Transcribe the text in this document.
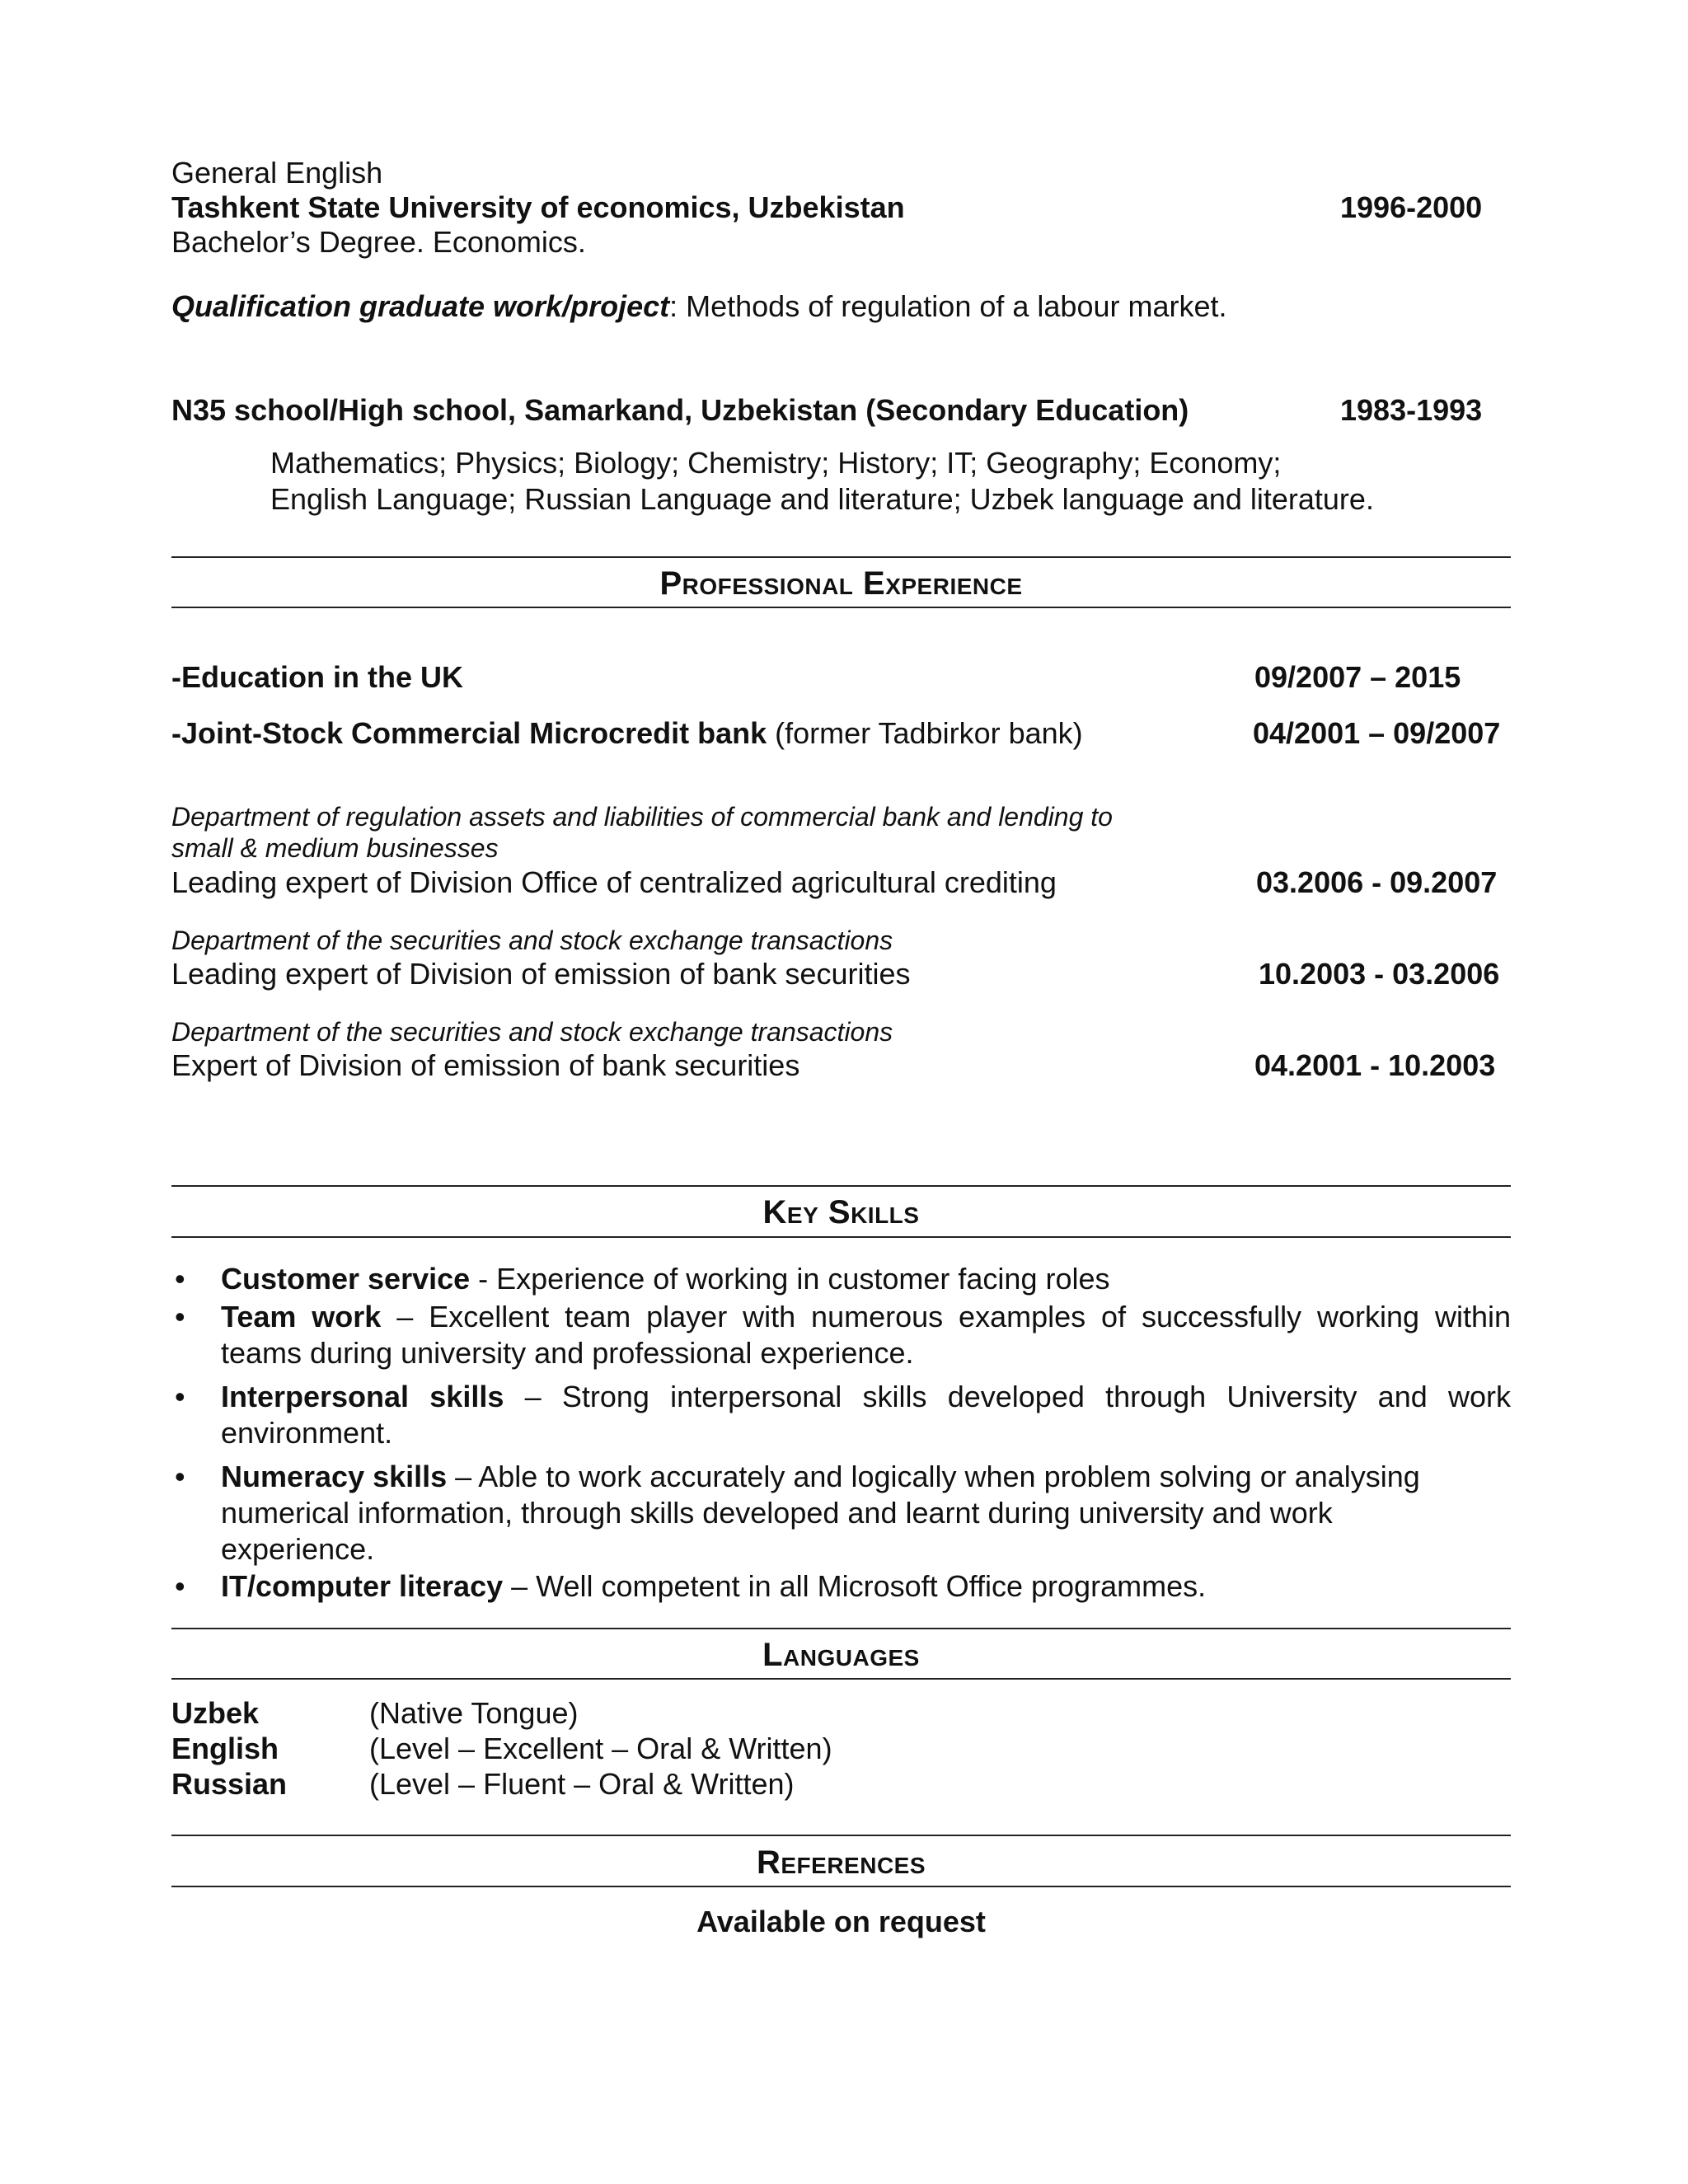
General English
Tashkent State University of economics, Uzbekistan	1996-2000
Bachelor’s Degree. Economics.
Qualification graduate work/project: Methods of regulation of a labour market.
N35 school/High school, Samarkand, Uzbekistan (Secondary Education)	1983-1993
Mathematics; Physics; Biology; Chemistry; History; IT; Geography; Economy;
English Language; Russian Language and literature; Uzbek language and literature.
Professional Experience
-Education in the UK	09/2007 – 2015
-Joint-Stock Commercial Microcredit bank (former Tadbirkor bank)	04/2001 – 09/2007
Department of regulation assets and liabilities of commercial bank and lending to
small & medium businesses
Leading expert of Division Office of centralized agricultural crediting	03.2006 - 09.2007
Department of the securities and stock exchange transactions
Leading expert of Division of emission of bank securities	10.2003 - 03.2006
Department of the securities and stock exchange transactions
Expert of Division of emission of bank securities	04.2001 - 10.2003
Key Skills
• Customer service - Experience of working in customer facing roles
• Team work – Excellent team player with numerous examples of successfully working within teams during university and professional experience.
• Interpersonal skills – Strong interpersonal skills developed through University and work environment.
• Numeracy skills – Able to work accurately and logically when problem solving or analysing
numerical information, through skills developed and learnt during university and work
experience.
• IT/computer literacy – Well competent in all Microsoft Office programmes.
Languages
Uzbek	(Native Tongue)
English	(Level – Excellent – Oral & Written)
Russian	(Level – Fluent – Oral & Written)
References
Available on request
